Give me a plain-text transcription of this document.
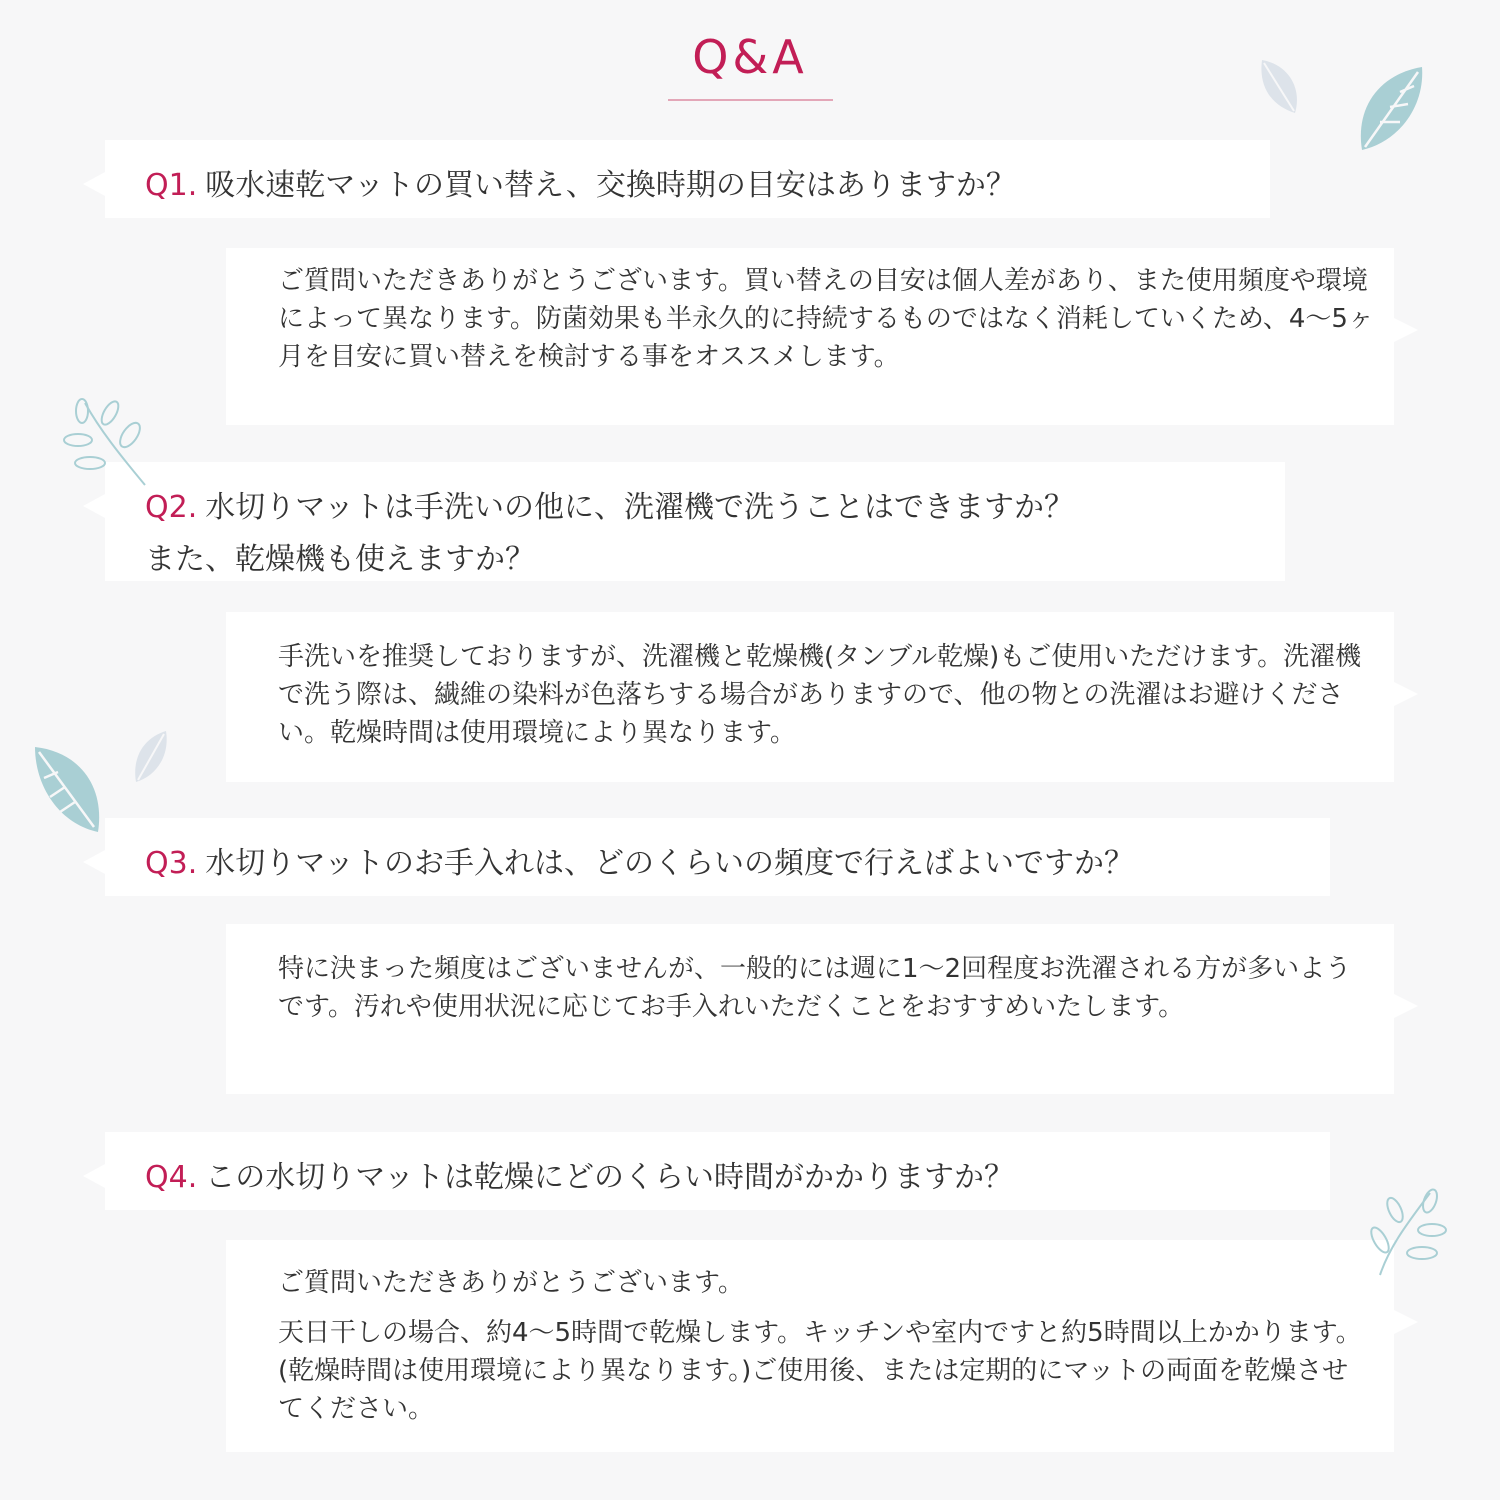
Q&A
Q1. 吸水速乾マットの買い替え、交換時期の目安はありますか？

ご質問いただきありがとうございます。買い替えの目安は個人差があり、また使用頻度や環境によって異なります。防菌効果も半永久的に持続するものではなく消耗していくため、4〜5ヶ月を目安に買い替えを検討する事をオススメします。

Q2. 水切りマットは手洗いの他に、洗濯機で洗うことはできますか？
また、乾燥機も使えますか？

手洗いを推奨しておりますが、洗濯機と乾燥機(タンブル乾燥)もご使用いただけます。洗濯機で洗う際は、繊維の染料が色落ちする場合がありますので、他の物との洗濯はお避けください。乾燥時間は使用環境により異なります。

Q3. 水切りマットのお手入れは、どのくらいの頻度で行えばよいですか？

特に決まった頻度はございませんが、一般的には週に1〜2回程度お洗濯される方が多いようです。汚れや使用状況に応じてお手入れいただくことをおすすめいたします。

Q4. この水切りマットは乾燥にどのくらい時間がかかりますか？

ご質問いただきありがとうございます。

天日干しの場合、約4〜5時間で乾燥します。キッチンや室内ですと約5時間以上かかります。(乾燥時間は使用環境により異なります。)ご使用後、または定期的にマットの両面を乾燥させてください。
